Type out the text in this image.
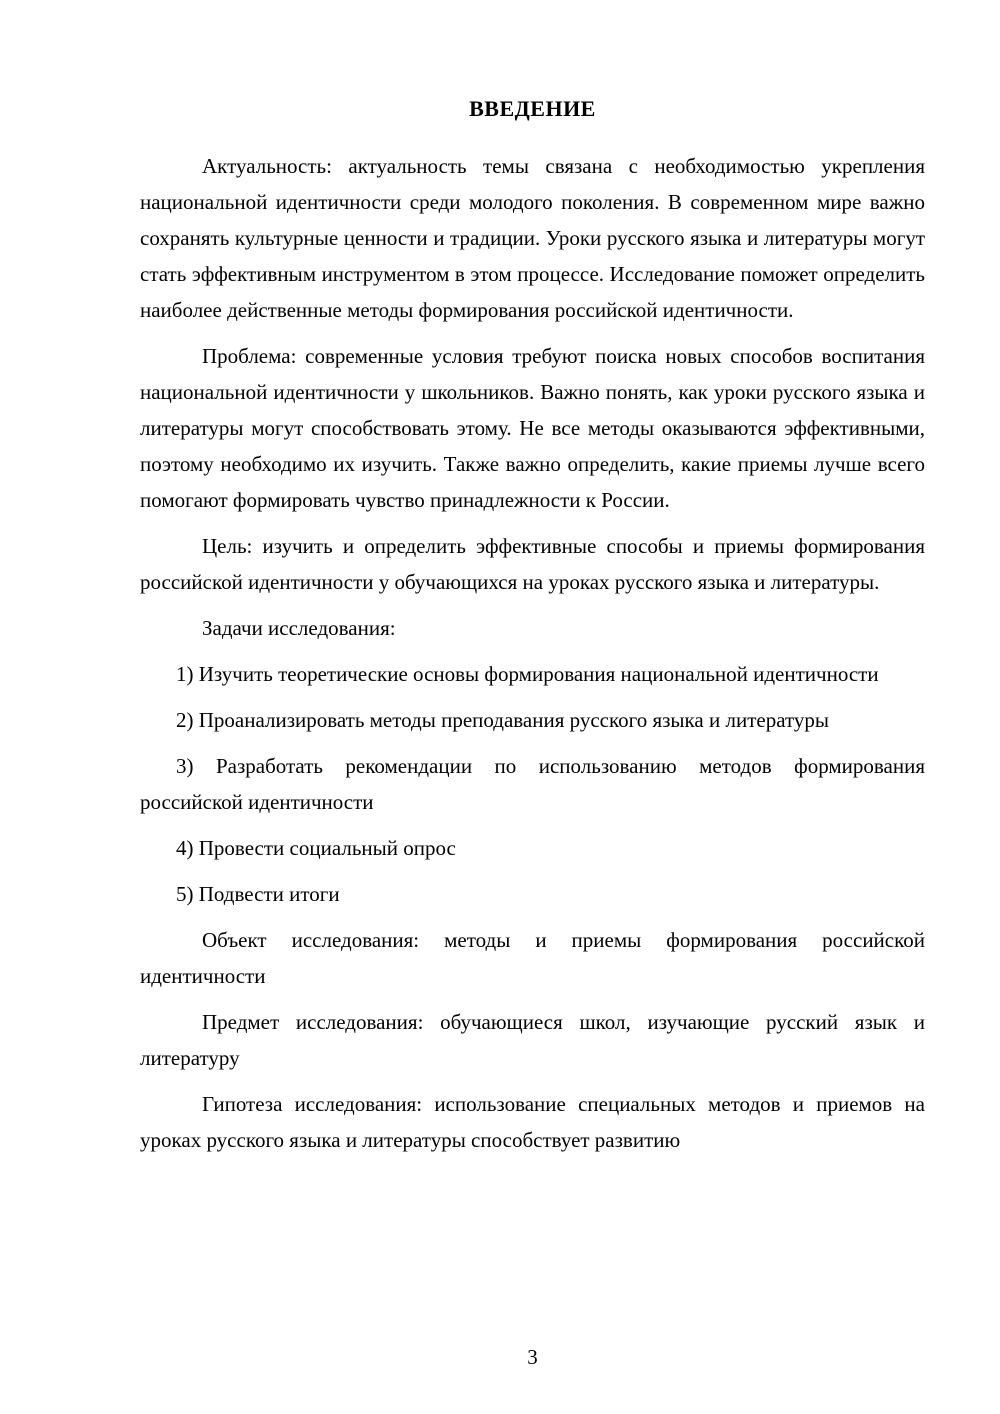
ВВЕДЕНИЕ

Актуальность: актуальность темы связана с необходимостью укрепления национальной идентичности среди молодого поколения. В современном мире важно сохранять культурные ценности и традиции. Уроки русского языка и литературы могут стать эффективным инструментом в этом процессе. Исследование поможет определить наиболее действенные методы формирования российской идентичности.

Проблема: современные условия требуют поиска новых способов воспитания национальной идентичности у школьников. Важно понять, как уроки русского языка и литературы могут способствовать этому. Не все методы оказываются эффективными, поэтому необходимо их изучить. Также важно определить, какие приемы лучше всего помогают формировать чувство принадлежности к России.

Цель: изучить и определить эффективные способы и приемы формирования российской идентичности у обучающихся на уроках русского языка и литературы.

Задачи исследования:

1) Изучить теоретические основы формирования национальной идентичности

2) Проанализировать методы преподавания русского языка и литературы

3) Разработать рекомендации по использованию методов формирования российской идентичности

4) Провести социальный опрос

5) Подвести итоги

Объект исследования: методы и приемы формирования российской идентичности

Предмет исследования: обучающиеся школ, изучающие русский язык и литературу

Гипотеза исследования: использование специальных методов и приемов на уроках русского языка и литературы способствует развитию

3
